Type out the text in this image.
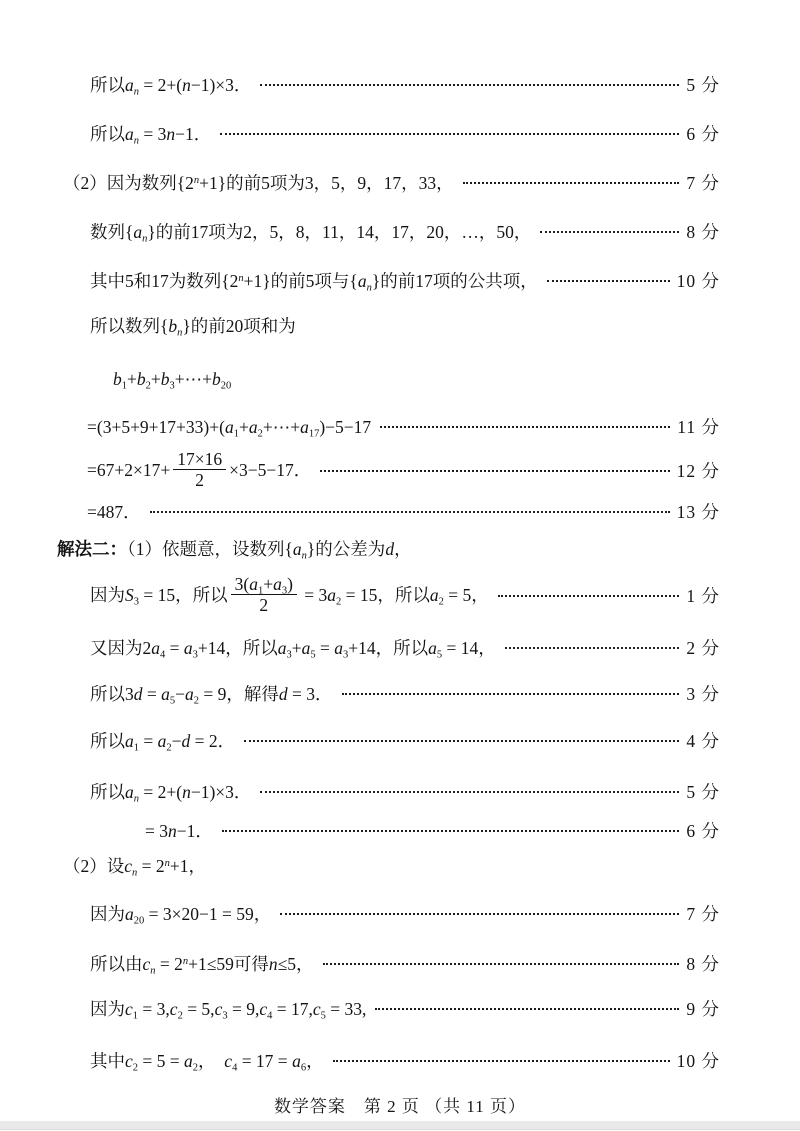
所以$a_n = 2+(n-1)\times 3$．	5 分
所以$a_n = 3n-1$．	6 分
（2）因为数列$\{2^n+1\}$的前5项为3，5，9，17，33，	7 分
数列$\{a_n\}$的前17项为2，5，8，11，14，17，20，…，50，	8 分
其中5和17为数列$\{2^n+1\}$的前5项与$\{a_n\}$的前17项的公共项，	10 分
所以数列$\{b_n\}$的前20项和为
$b_1+b_2+b_3+\cdots+b_{20}$
$=(3+5+9+17+33)+(a_1+a_2+\cdots+a_{17})-5-17$	11 分
$=67+2\times 17+ \frac{17\times 16}{2} \times 3-5-17$．	12 分
=487．	13 分
解法二：（1）依题意，设数列$\{a_n\}$的公差为d，
因为$S_3 = 15$，所以 $\frac{3(a_1+a_3)}{2} = 3a_2 = 15$，所以$a_2 = 5$，	1 分
又因为$2a_4 = a_3+14$，所以$a_3+a_5 = a_3+14$，所以$a_5 = 14$，	2 分
所以$3d = a_5-a_2 = 9$，解得d = 3．	3 分
所以$a_1 = a_2-d = 2$．	4 分
所以$a_n = 2+(n-1)\times 3$．	5 分
= 3n−1．	6 分
（2）设$c_n = 2^n+1$，
因为$a_{20} = 3\times 20-1 = 59$，	7 分
所以由$c_n = 2^n+1\le 59$可得n≤5，	8 分
因为$c_1 = 3,c_2 = 5,c_3 = 9,c_4 = 17,c_5 = 33$,	9 分
其中$c_2 = 5 = a_2$，　$c_4 = 17 = a_6$，	10 分
数学答案　第 2 页 （共 11 页）
